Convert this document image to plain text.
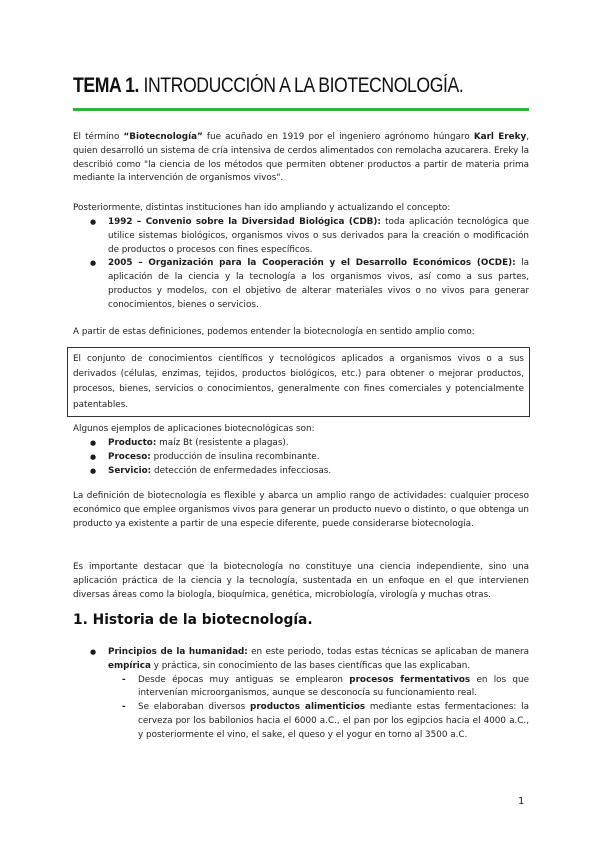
TEMA 1. INTRODUCCIÓN A LA BIOTECNOLOGÍA.

El término “Biotecnología” fue acuñado en 1919 por el ingeniero agrónomo húngaro Karl Ereky, quien desarrolló un sistema de cría intensiva de cerdos alimentados con remolacha azucarera. Ereky la describió como "la ciencia de los métodos que permiten obtener productos a partir de materia prima mediante la intervención de organismos vivos".

Posteriormente, distintas instituciones han ido ampliando y actualizando el concepto:

● 1992 – Convenio sobre la Diversidad Biológica (CDB): toda aplicación tecnológica que utilice sistemas biológicos, organismos vivos o sus derivados para la creación o modificación de productos o procesos con fines específicos.
● 2005 – Organización para la Cooperación y el Desarrollo Económicos (OCDE): la aplicación de la ciencia y la tecnología a los organismos vivos, así como a sus partes, productos y modelos, con el objetivo de alterar materiales vivos o no vivos para generar conocimientos, bienes o servicios.

A partir de estas definiciones, podemos entender la biotecnología en sentido amplio como:

El conjunto de conocimientos científicos y tecnológicos aplicados a organismos vivos o a sus derivados (células, enzimas, tejidos, productos biológicos, etc.) para obtener o mejorar productos, procesos, bienes, servicios o conocimientos, generalmente con fines comerciales y potencialmente patentables.

Algunos ejemplos de aplicaciones biotecnológicas son:

● Producto: maíz Bt (resistente a plagas).
● Proceso: producción de insulina recombinante.
● Servicio: detección de enfermedades infecciosas.

La definición de biotecnología es flexible y abarca un amplio rango de actividades: cualquier proceso económico que emplee organismos vivos para generar un producto nuevo o distinto, o que obtenga un producto ya existente a partir de una especie diferente, puede considerarse biotecnología.

Es importante destacar que la biotecnología no constituye una ciencia independiente, sino una aplicación práctica de la ciencia y la tecnología, sustentada en un enfoque en el que intervienen diversas áreas como la biología, bioquímica, genética, microbiología, virología y muchas otras.

1. Historia de la biotecnología.
● Principios de la humanidad: en este periodo, todas estas técnicas se aplicaban de manera empírica y práctica, sin conocimiento de las bases científicas que las explicaban.
- Desde épocas muy antiguas se emplearon procesos fermentativos en los que intervenían microorganismos, aunque se desconocía su funcionamiento real.
- Se elaboraban diversos productos alimenticios mediante estas fermentaciones: la cerveza por los babilonios hacia el 6000 a.C., el pan por los egipcios hacia el 4000 a.C., y posteriormente el vino, el sake, el queso y el yogur en torno al 3500 a.C.
1
